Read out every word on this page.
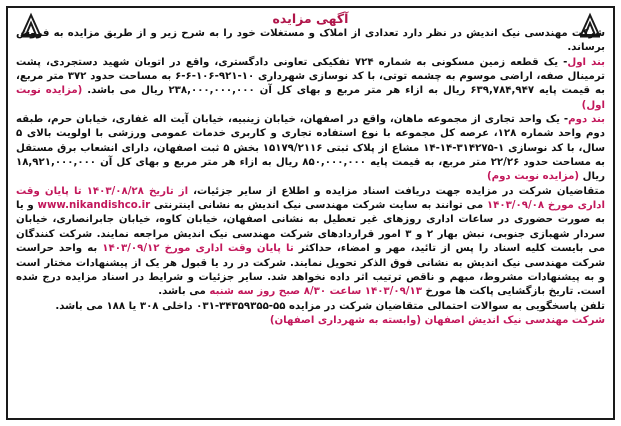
آگهی مزایده

شرکت مهندسی نیک اندیش در نظر دارد تعدادی از املاک و مستغلات خود را به شرح زیر و از طریق مزایده به فروش برساند.

بند اول- یک قطعه زمین مسکونی به شماره ۷۲۴ تفکیکی تعاونی دادگستری، واقع در اتوبان شهید دستجردی، پشت ترمینال صفه، اراضی موسوم به چشمه توتی، با کد نوسازی شهرداری ۱۰-۹۲۱-۱۰۶-۶-۶ به مساحت حدود ۳۷۲ متر مربع، به قیمت پایه ۶۳۹,۷۸۴,۹۴۷ ریال به ازاء هر متر مربع و بهای کل آن ۲۳۸,۰۰۰,۰۰۰,۰۰۰ ریال می باشد. (مزایده نوبت اول)

بند دوم- یک واحد تجاری از مجموعه ماهان، واقع در اصفهان، خیابان زینبیه، خیابان آیت اله غفاری، خیابان حرم، طبقه دوم واحد شماره ۱۲۸، عرصه کل مجموعه با نوع استفاده تجاری و کاربری خدمات عمومی ورزشی با اولویت بالای ۵ سال، با کد نوسازی ۱-۳۱۴۲۷۵-۱۴-۱۴ مشاع از پلاک ثبتی ۱۵۱۷۹/۲۱۱۶ بخش ۵ ثبت اصفهان، دارای انشعاب برق مستقل به مساحت حدود ۲۲/۲۶ متر مربع، به قیمت پایه ۸۵۰,۰۰۰,۰۰۰ ریال به ازاء هر متر مربع و بهای کل آن ۱۸,۹۲۱,۰۰۰,۰۰۰ ریال (مزایده نوبت دوم)

متقاضیان شرکت در مزایده جهت دریافت اسناد مزایده و اطلاع از سایر جزئیات، از تاریخ ۱۴۰۳/۰۸/۲۸ تا پایان وقت اداری مورخ ۱۴۰۳/۰۹/۰۸ می توانند به سایت شرکت مهندسی نیک اندیش به نشانی اینترنتی www.nikandishco.ir و یا به صورت حضوری در ساعات اداری روزهای غیر تعطیل به نشانی اصفهان، خیابان کاوه، خیابان جابرانصاری، خیابان سردار شهبازی جنوبی، نبش بهار ۲ و ۳ امور قراردادهای شرکت مهندسی نیک اندیش مراجعه نمایند. شرکت کنندگان می بایست کلیه اسناد را پس از تائید، مهر و امضاء، حداکثر تا پایان وقت اداری مورخ ۱۴۰۳/۰۹/۱۲ به واحد حراست شرکت مهندسی نیک اندیش به نشانی فوق الذکر تحویل نمایند. شرکت در رد یا قبول هر یک از پیشنهادات مختار است و به پیشنهادات مشروط، مبهم و ناقص ترتیب اثر داده نخواهد شد. سایر جزئیات و شرایط در اسناد مزایده درج شده است. تاریخ بازگشایی پاکت ها مورخ ۱۴۰۳/۰۹/۱۳ ساعت ۸/۳۰ صبح روز سه شنبه می باشد.

تلفن پاسخگویی به سوالات احتمالی متقاضیان شرکت در مزایده ۵۵-۳۴۳۵۹۳۵۵-۰۳۱ داخلی ۳۰۸ یا ۱۸۸ می باشد.

شرکت مهندسی نیک اندیش اصفهان (وابسته به شهرداری اصفهان)
